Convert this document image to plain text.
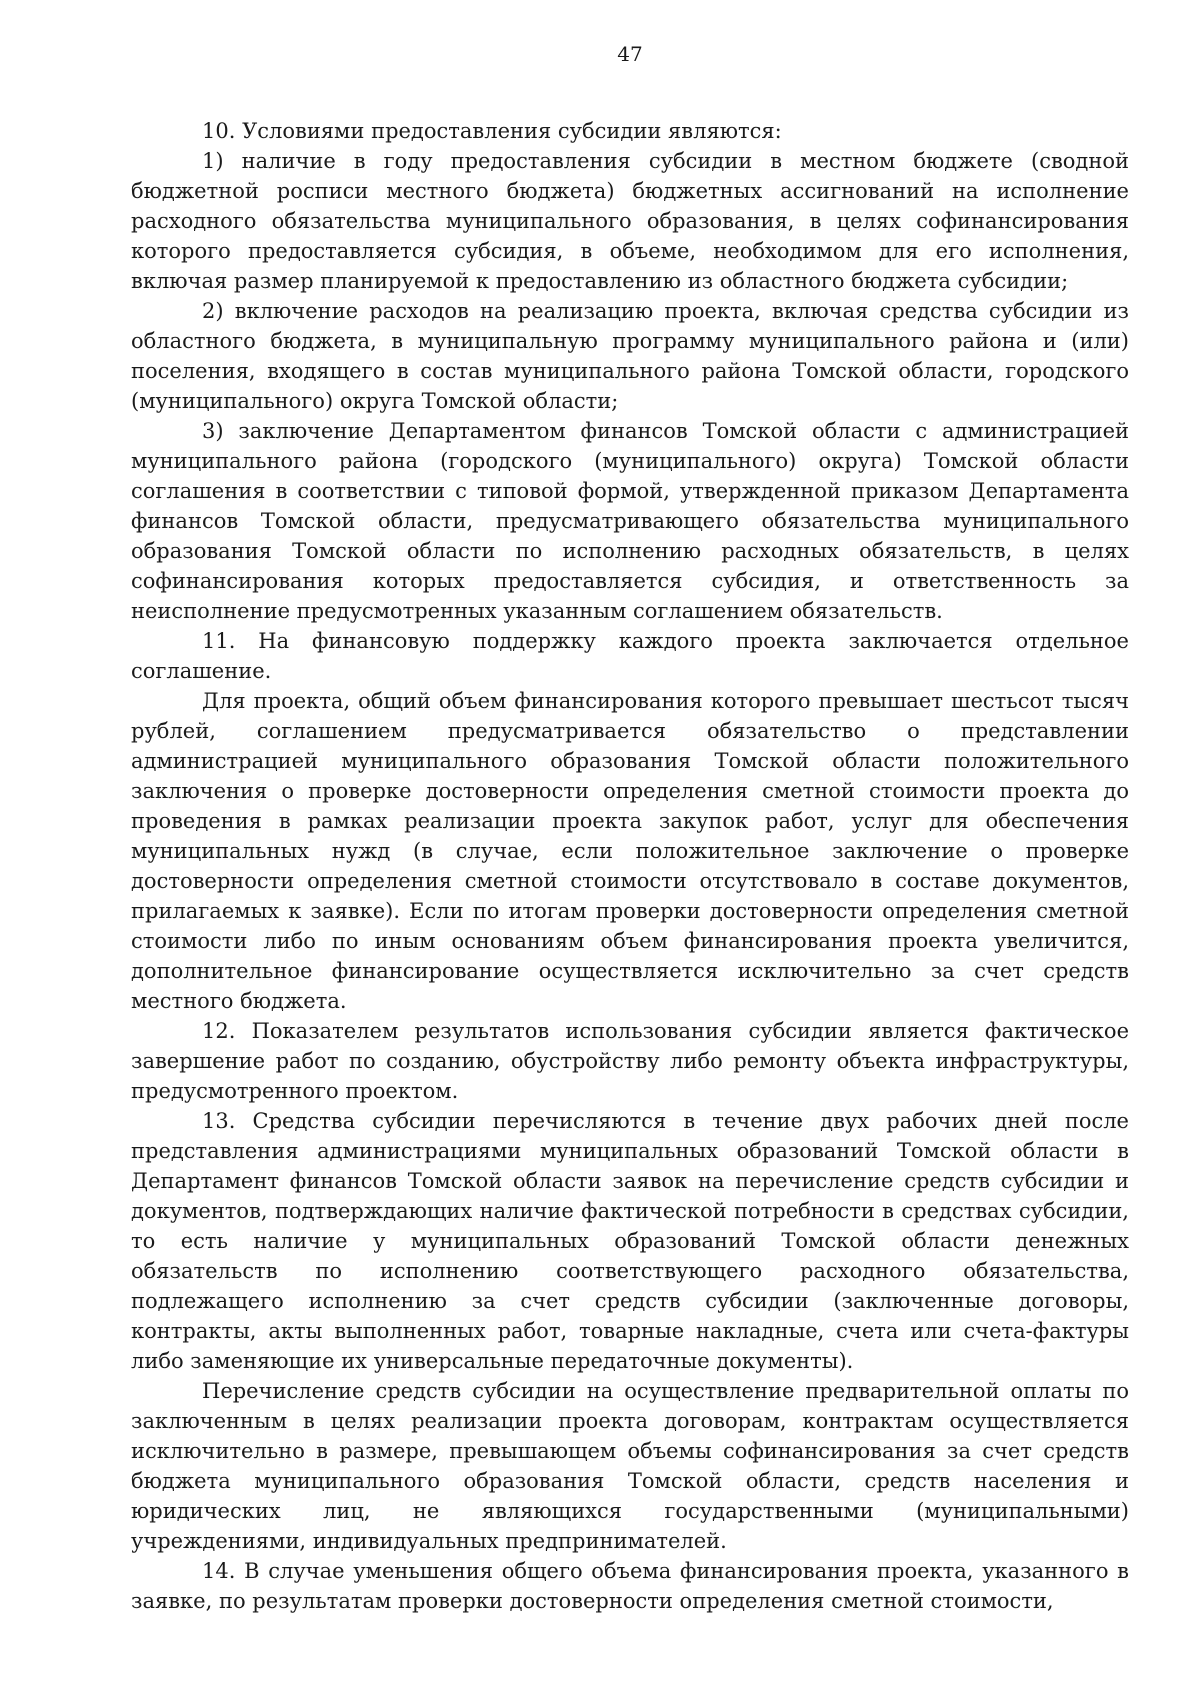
47

10. Условиями предоставления субсидии являются:

1) наличие в году предоставления субсидии в местном бюджете (сводной бюджетной росписи местного бюджета) бюджетных ассигнований на исполнение расходного обязательства муниципального образования, в целях софинансирования которого предоставляется субсидия, в объеме, необходимом для его исполнения, включая размер планируемой к предоставлению из областного бюджета субсидии;

2) включение расходов на реализацию проекта, включая средства субсидии из областного бюджета, в муниципальную программу муниципального района и (или) поселения, входящего в состав муниципального района Томской области, городского (муниципального) округа Томской области;

3) заключение Департаментом финансов Томской области с администрацией муниципального района (городского (муниципального) округа) Томской области соглашения в соответствии с типовой формой, утвержденной приказом Департамента финансов Томской области, предусматривающего обязательства муниципального образования Томской области по исполнению расходных обязательств, в целях софинансирования которых предоставляется субсидия, и ответственность за неисполнение предусмотренных указанным соглашением обязательств.

11. На финансовую поддержку каждого проекта заключается отдельное соглашение.

Для проекта, общий объем финансирования которого превышает шестьсот тысяч рублей, соглашением предусматривается обязательство о представлении администрацией муниципального образования Томской области положительного заключения о проверке достоверности определения сметной стоимости проекта до проведения в рамках реализации проекта закупок работ, услуг для обеспечения муниципальных нужд (в случае, если положительное заключение о проверке достоверности определения сметной стоимости отсутствовало в составе документов, прилагаемых к заявке). Если по итогам проверки достоверности определения сметной стоимости либо по иным основаниям объем финансирования проекта увеличится, дополнительное финансирование осуществляется исключительно за счет средств местного бюджета.

12. Показателем результатов использования субсидии является фактическое завершение работ по созданию, обустройству либо ремонту объекта инфраструктуры, предусмотренного проектом.

13. Средства субсидии перечисляются в течение двух рабочих дней после представления администрациями муниципальных образований Томской области в Департамент финансов Томской области заявок на перечисление средств субсидии и документов, подтверждающих наличие фактической потребности в средствах субсидии, то есть наличие у муниципальных образований Томской области денежных обязательств по исполнению соответствующего расходного обязательства, подлежащего исполнению за счет средств субсидии (заключенные договоры, контракты, акты выполненных работ, товарные накладные, счета или счета-фактуры либо заменяющие их универсальные передаточные документы).

Перечисление средств субсидии на осуществление предварительной оплаты по заключенным в целях реализации проекта договорам, контрактам осуществляется исключительно в размере, превышающем объемы софинансирования за счет средств бюджета муниципального образования Томской области, средств населения и юридических лиц, не являющихся государственными (муниципальными) учреждениями, индивидуальных предпринимателей.

14. В случае уменьшения общего объема финансирования проекта, указанного в заявке, по результатам проверки достоверности определения сметной стоимости,
